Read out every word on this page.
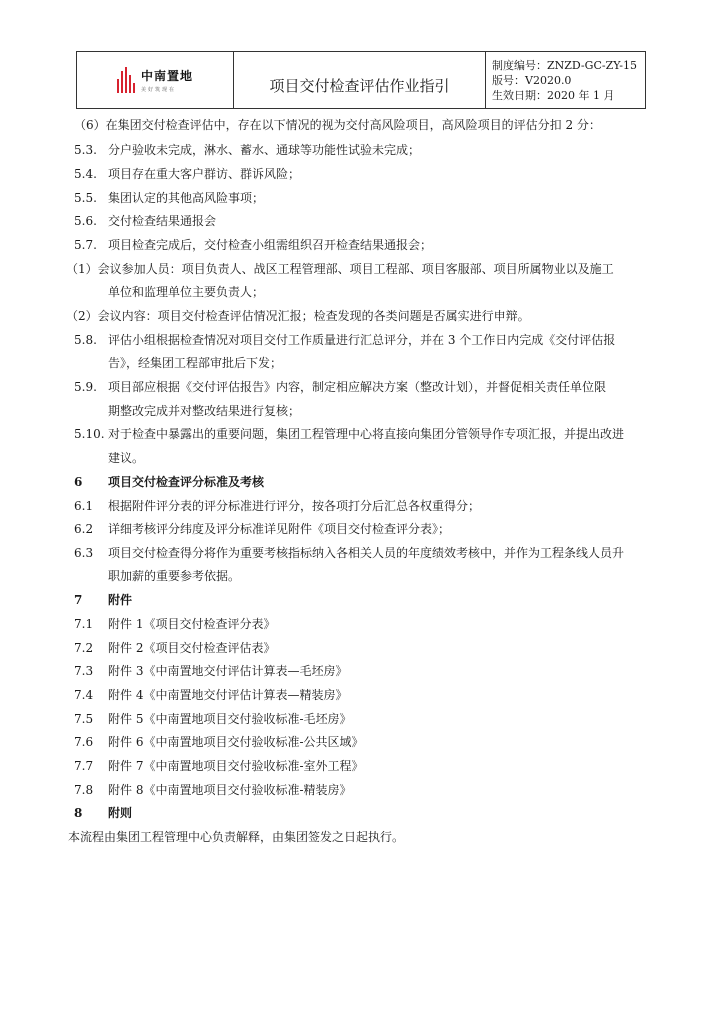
中南置地
美好筑现在	项目交付检查评估作业指引
制度编号：ZNZD-GC-ZY-15
版号：V2020.0
生效日期：2020 年 1 月
（6）在集团交付检查评估中，存在以下情况的视为交付高风险项目，高风险项目的评估分扣 2 分：
5.3. 分户验收未完成，淋水、蓄水、通球等功能性试验未完成；
5.4. 项目存在重大客户群访、群诉风险；
5.5. 集团认定的其他高风险事项；
5.6. 交付检查结果通报会
5.7. 项目检查完成后，交付检查小组需组织召开检查结果通报会；
（1）会议参加人员：项目负责人、战区工程管理部、项目工程部、项目客服部、项目所属物业以及施工
单位和监理单位主要负责人；
（2）会议内容：项目交付检查评估情况汇报；检查发现的各类问题是否属实进行申辩。
5.8. 评估小组根据检查情况对项目交付工作质量进行汇总评分，并在 3 个工作日内完成《交付评估报
告》，经集团工程部审批后下发；
5.9. 项目部应根据《交付评估报告》内容，制定相应解决方案（整改计划），并督促相关责任单位限
期整改完成并对整改结果进行复核；
5.10. 对于检查中暴露出的重要问题，集团工程管理中心将直接向集团分管领导作专项汇报，并提出改进
建议。
6 项目交付检查评分标准及考核
6.1 根据附件评分表的评分标准进行评分，按各项打分后汇总各权重得分；
6.2 详细考核评分纬度及评分标准详见附件《项目交付检查评分表》；
6.3 项目交付检查得分将作为重要考核指标纳入各相关人员的年度绩效考核中，并作为工程条线人员升
职加薪的重要参考依据。
7 附件
7.1 附件 1《项目交付检查评分表》
7.2 附件 2《项目交付检查评估表》
7.3 附件 3《中南置地交付评估计算表—毛坯房》
7.4 附件 4《中南置地交付评估计算表—精装房》
7.5 附件 5《中南置地项目交付验收标准-毛坯房》
7.6 附件 6《中南置地项目交付验收标准-公共区域》
7.7 附件 7《中南置地项目交付验收标准-室外工程》
7.8 附件 8《中南置地项目交付验收标准-精装房》
8 附则
本流程由集团工程管理中心负责解释，由集团签发之日起执行。
